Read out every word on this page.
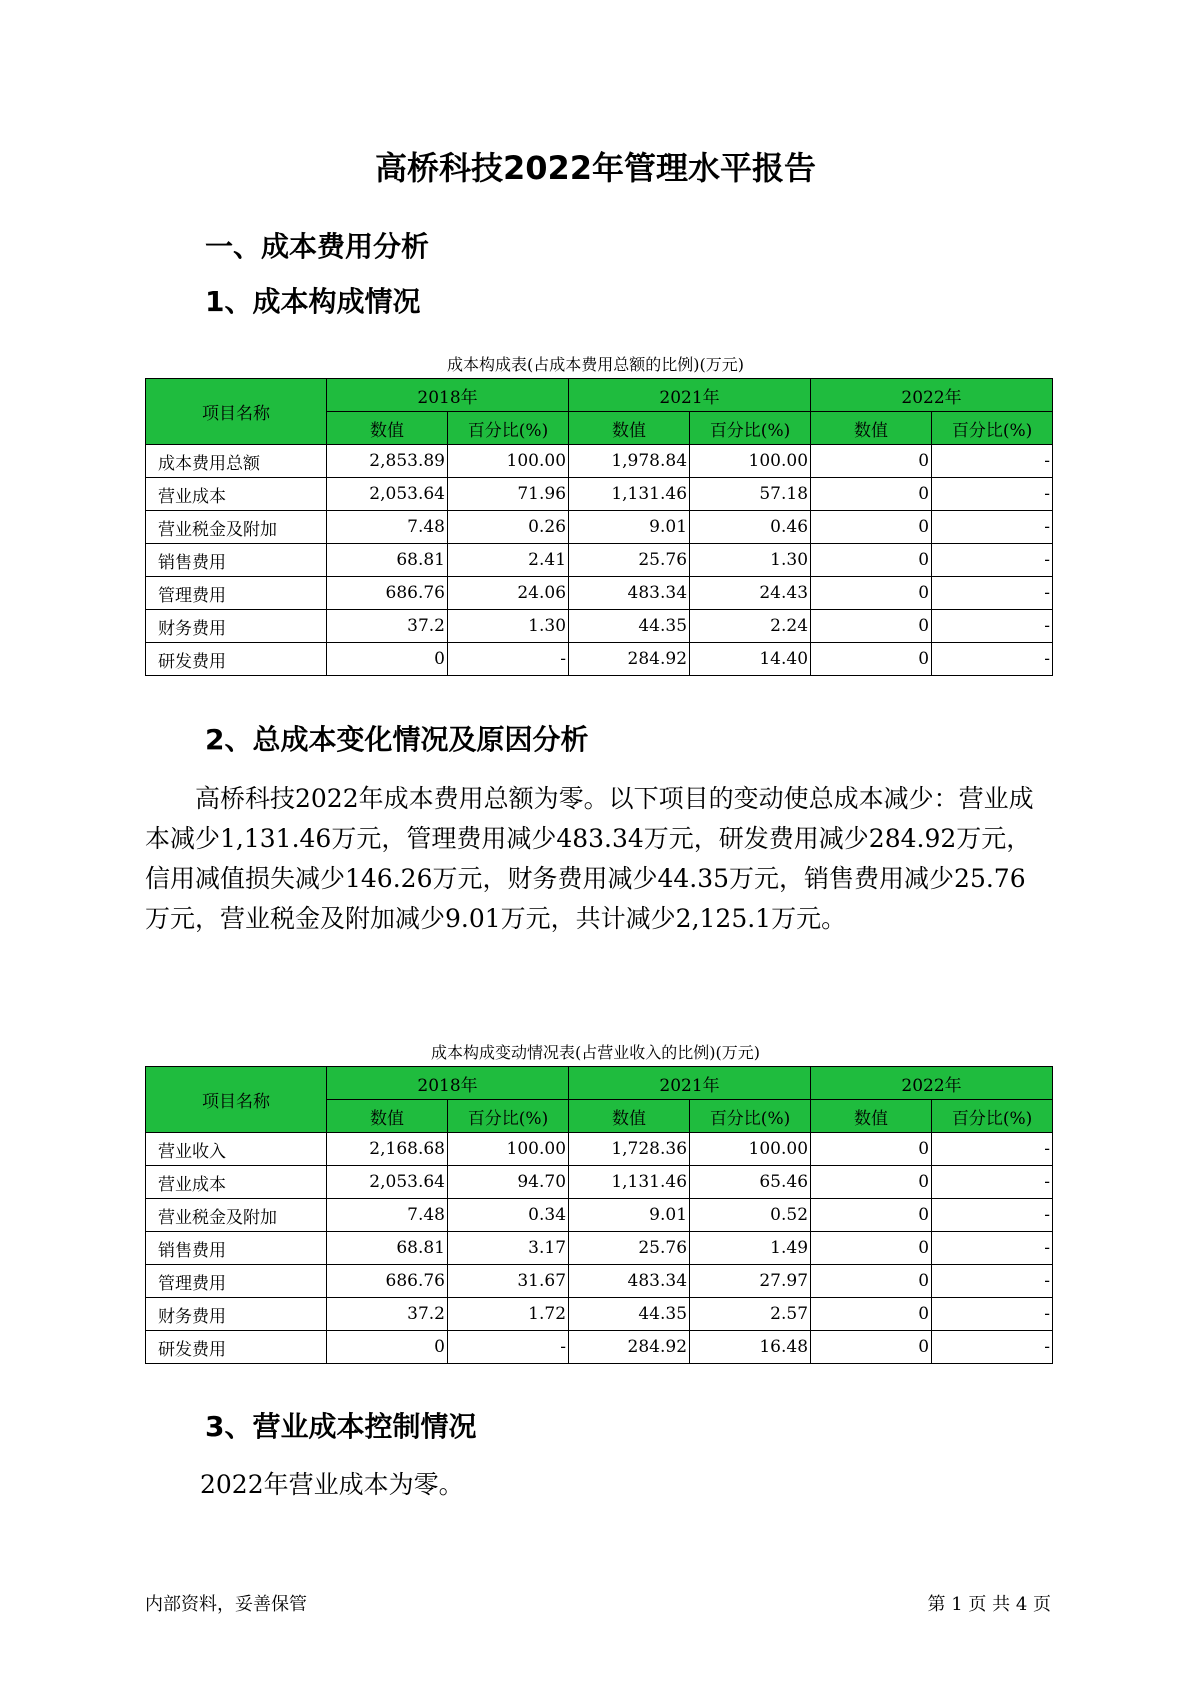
高桥科技2022年管理水平报告
一、成本费用分析
1、成本构成情况
成本构成表(占成本费用总额的比例)(万元)
项目名称	2018年		2021年		2022年	
	数值	百分比(%)	数值	百分比(%)	数值	百分比(%)
成本费用总额	2,853.89	100.00	1,978.84	100.00	0	-
营业成本	2,053.64	71.96	1,131.46	57.18	0	-
营业税金及附加	7.48	0.26	9.01	0.46	0	-
销售费用	68.81	2.41	25.76	1.30	0	-
管理费用	686.76	24.06	483.34	24.43	0	-
财务费用	37.2	1.30	44.35	2.24	0	-
研发费用	0	-	284.92	14.40	0	-
2、总成本变化情况及原因分析
高桥科技2022年成本费用总额为零。以下项目的变动使总成本减少：营业成本减少1,131.46万元，管理费用减少483.34万元，研发费用减少284.92万元，信用减值损失减少146.26万元，财务费用减少44.35万元，销售费用减少25.76万元，营业税金及附加减少9.01万元，共计减少2,125.1万元。
成本构成变动情况表(占营业收入的比例)(万元)
项目名称	2018年		2021年		2022年	
	数值	百分比(%)	数值	百分比(%)	数值	百分比(%)
营业收入	2,168.68	100.00	1,728.36	100.00	0	-
营业成本	2,053.64	94.70	1,131.46	65.46	0	-
营业税金及附加	7.48	0.34	9.01	0.52	0	-
销售费用	68.81	3.17	25.76	1.49	0	-
管理费用	686.76	31.67	483.34	27.97	0	-
财务费用	37.2	1.72	44.35	2.57	0	-
研发费用	0	-	284.92	16.48	0	-
3、营业成本控制情况
2022年营业成本为零。
内部资料，妥善保管	第 1 页 共 4 页
